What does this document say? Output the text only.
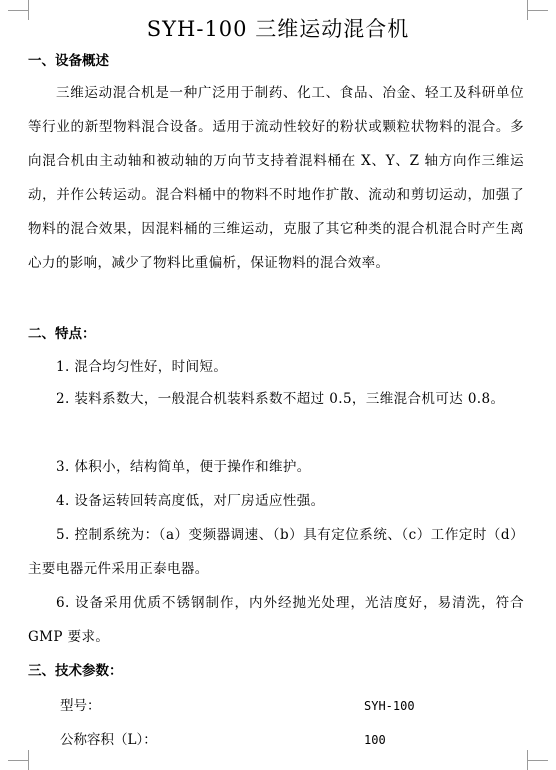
SYH-100 三维运动混合机
一、设备概述

三维运动混合机是一种广泛用于制药、化工、食品、冶金、轻工及科研单位等行业的新型物料混合设备。适用于流动性较好的粉状或颗粒状物料的混合。多向混合机由主动轴和被动轴的万向节支持着混料桶在 X、Y、Z 轴方向作三维运动，并作公转运动。混合料桶中的物料不时地作扩散、流动和剪切运动，加强了物料的混合效果，因混料桶的三维运动，克服了其它种类的混合机混合时产生离心力的影响，减少了物料比重偏析，保证物料的混合效率。

二、特点：

1. 混合均匀性好，时间短。

2. 装料系数大，一般混合机装料系数不超过 0.5，三维混合机可达 0.8。

3. 体积小，结构简单，便于操作和维护。

4. 设备运转回转高度低，对厂房适应性强。

5. 控制系统为：（a）变频器调速、（b）具有定位系统、（c）工作定时（d）主要电器元件采用正泰电器。

6. 设备采用优质不锈钢制作，内外经抛光处理，光洁度好，易清洗，符合 GMP 要求。

三、技术参数：
型号：	SYH-100
公称容积（L）：	100
